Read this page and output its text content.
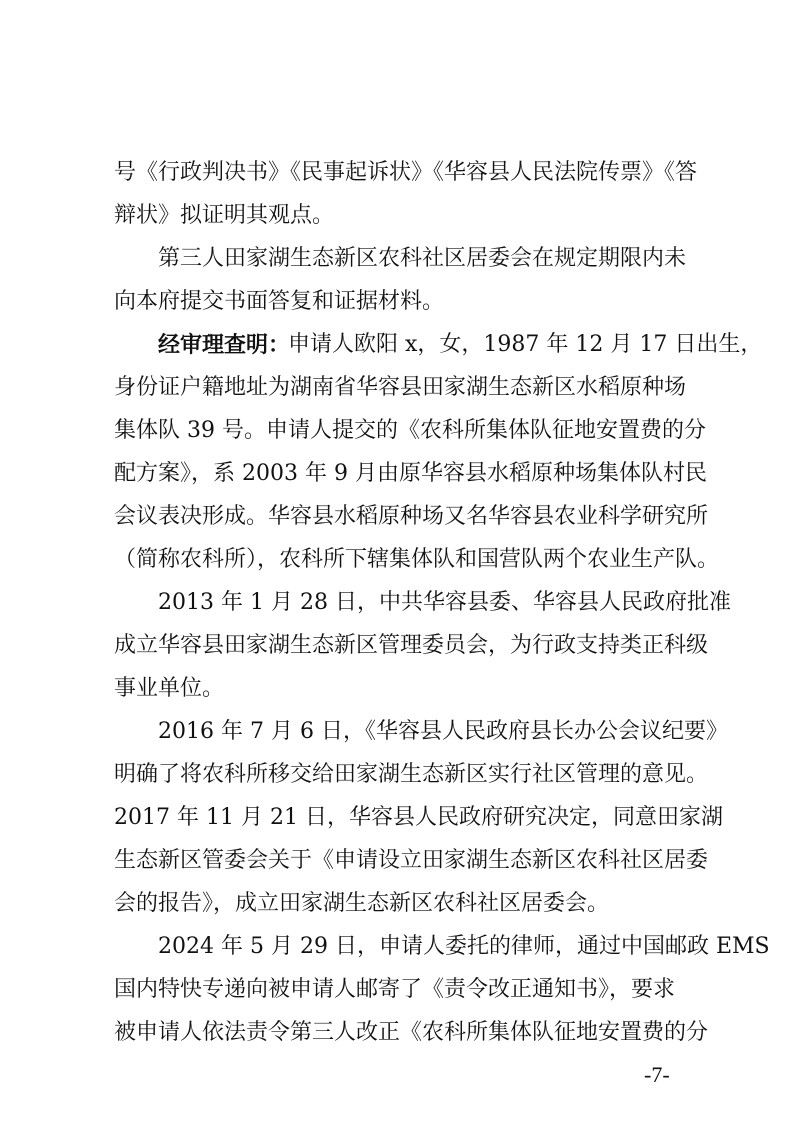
号《行政判决书》《民事起诉状》《华容县人民法院传票》《答
辩状》拟证明其观点。
第三人田家湖生态新区农科社区居委会在规定期限内未
向本府提交书面答复和证据材料。
经审理查明：
申请人欧阳 x，女，1987 年 12 月 17 日出生，
身份证户籍地址为湖南省华容县田家湖生态新区水稻原种场
集体队 39 号。申请人提交的《农科所集体队征地安置费的分
配方案》，系 2003 年 9 月由原华容县水稻原种场集体队村民
会议表决形成。华容县水稻原种场又名华容县农业科学研究所
（简称农科所），农科所下辖集体队和国营队两个农业生产队。
2013 年 1 月 28 日，中共华容县委、华容县人民政府批准
成立华容县田家湖生态新区管理委员会，为行政支持类正科级
事业单位。
2016 年 7 月 6 日，《华容县人民政府县长办公会议纪要》
明确了将农科所移交给田家湖生态新区实行社区管理的意见。
2017 年 11 月 21 日，华容县人民政府研究决定，同意田家湖
生态新区管委会关于《申请设立田家湖生态新区农科社区居委
会的报告》，成立田家湖生态新区农科社区居委会。
2024 年 5 月 29 日，申请人委托的律师，通过中国邮政 EMS
国内特快专递向被申请人邮寄了《责令改正通知书》，要求
被申请人依法责令第三人改正《农科所集体队征地安置费的分
-7-
